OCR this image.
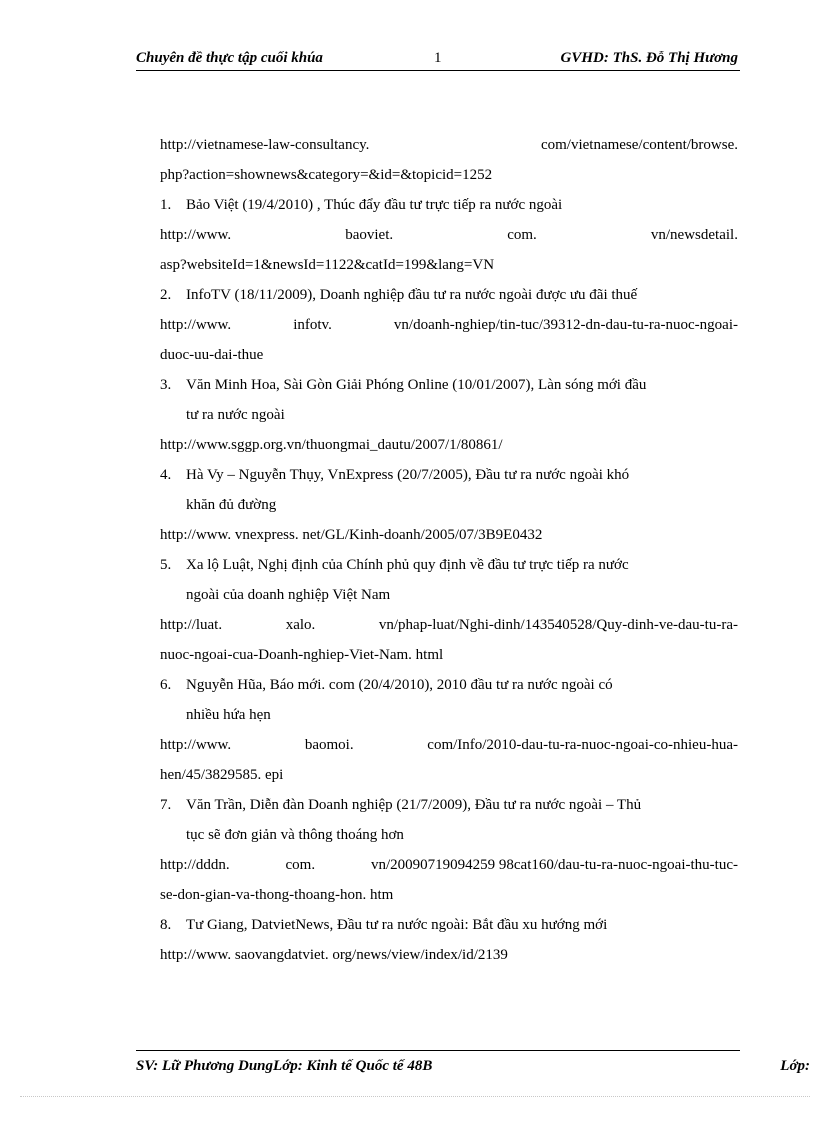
Chuyên đề thực tập cuối khúa	1	GVHD: ThS. Đỗ Thị Hương
http://vietnamese-law-consultancy.	com/vietnamese/content/browse.
php?action=shownews&category=&id=&topicid=1252
1. Bảo Việt (19/4/2010) , Thúc đẩy đầu tư trực tiếp ra nước ngoài
http://www.	baoviet.	com.	vn/newsdetail.
asp?websiteId=1&newsId=1122&catId=199&lang=VN
2. InfoTV (18/11/2009), Doanh nghiệp đầu tư ra nước ngoài được ưu đãi thuế
http://www.	infotv.	vn/doanh-nghiep/tin-tuc/39312-dn-dau-tu-ra-nuoc-ngoai-
duoc-uu-dai-thue
3. Văn Minh Hoa, Sài Gòn Giải Phóng Online (10/01/2007), Làn sóng mới đầu
tư ra nước ngoài
http://www.sggp.org.vn/thuongmai_dautu/2007/1/80861/
4. Hà Vy – Nguyễn Thụy, VnExpress (20/7/2005), Đầu tư ra nước ngoài khó
khăn đủ đường
http://www. vnexpress. net/GL/Kinh-doanh/2005/07/3B9E0432
5. Xa lộ Luật, Nghị định của Chính phủ quy định về đầu tư trực tiếp ra nước
ngoài của doanh nghiệp Việt Nam
http://luat.	xalo.	vn/phap-luat/Nghi-dinh/143540528/Quy-dinh-ve-dau-tu-ra-
nuoc-ngoai-cua-Doanh-nghiep-Viet-Nam. html
6. Nguyễn Hũa, Báo mới. com (20/4/2010), 2010 đầu tư ra nước ngoài có
nhiều hứa hẹn
http://www.	baomoi.	com/Info/2010-dau-tu-ra-nuoc-ngoai-co-nhieu-hua-
hen/45/3829585. epi
7. Văn Trần, Diễn đàn Doanh nghiệp (21/7/2009), Đầu tư ra nước ngoài – Thủ
tục sẽ đơn giản và thông thoáng hơn
http://dddn.	com.	vn/20090719094259 98cat160/dau-tu-ra-nuoc-ngoai-thu-tuc-
se-don-gian-va-thong-thoang-hon. htm
8. Tư Giang, DatvietNews, Đầu tư ra nước ngoài: Bắt đầu xu hướng mới
http://www. saovangdatviet. org/news/view/index/id/2139
SV: Lữ Phương DungLớp: Kinh tế Quốc tế 48B	Lớp:
